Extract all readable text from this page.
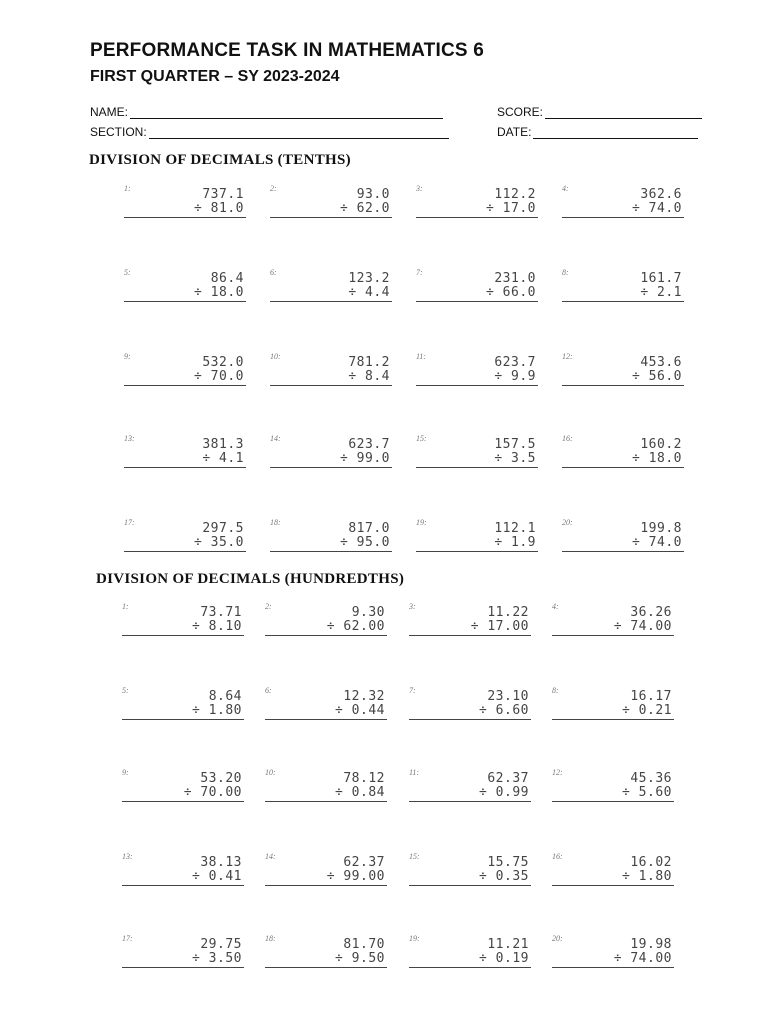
PERFORMANCE TASK IN MATHEMATICS 6
FIRST QUARTER – SY 2023-2024
NAME:	SCORE:
SECTION:	DATE:
DIVISION OF DECIMALS (TENTHS)
1:	737.1
÷ 81.0
2:	93.0
÷ 62.0
3:	112.2
÷ 17.0
4:	362.6
÷ 74.0
5:	86.4
÷ 18.0
6:	123.2
÷ 4.4
7:	231.0
÷ 66.0
8:	161.7
÷ 2.1
9:	532.0
÷ 70.0
10:	781.2
÷ 8.4
11:	623.7
÷ 9.9
12:	453.6
÷ 56.0
13:	381.3
÷ 4.1
14:	623.7
÷ 99.0
15:	157.5
÷ 3.5
16:	160.2
÷ 18.0
17:	297.5
÷ 35.0
18:	817.0
÷ 95.0
19:	112.1
÷ 1.9
20:	199.8
÷ 74.0
DIVISION OF DECIMALS (HUNDREDTHS)
1:	73.71
÷ 8.10
2:	9.30
÷ 62.00
3:	11.22
÷ 17.00
4:	36.26
÷ 74.00
5:	8.64
÷ 1.80
6:	12.32
÷ 0.44
7:	23.10
÷ 6.60
8:	16.17
÷ 0.21
9:	53.20
÷ 70.00
10:	78.12
÷ 0.84
11:	62.37
÷ 0.99
12:	45.36
÷ 5.60
13:	38.13
÷ 0.41
14:	62.37
÷ 99.00
15:	15.75
÷ 0.35
16:	16.02
÷ 1.80
17:	29.75
÷ 3.50
18:	81.70
÷ 9.50
19:	11.21
÷ 0.19
20:	19.98
÷ 74.00
